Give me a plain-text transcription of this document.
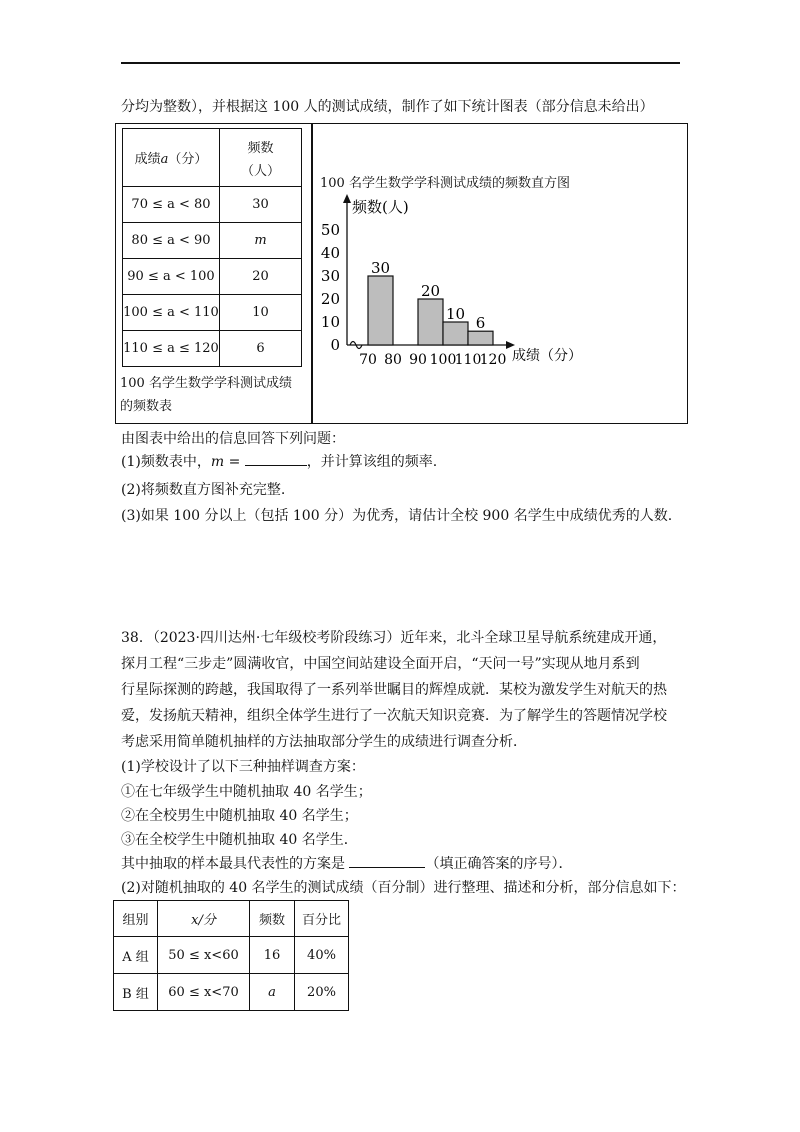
分均为整数），并根据这 100 人的测试成绩，制作了如下统计图表（部分信息未给出）
成绩a（分）	频数
（人）

70 ≤ a < 80	30
80 ≤ a < 90	m
90 ≤ a < 100	20
100 ≤ a < 110	10
110 ≤ a ≤ 120	6
100 名学生数学学科测试成绩
的频数表
100 名学生数学学科测试成绩的频数直方图
频数(人)
成绩（分）
0
10
20
30
40
50
30
20
10
6
70 80 90 100
110
120
由图表中给出的信息回答下列问题：
(1)频数表中，m =	，并计算该组的频率.
(2)将频数直方图补充完整.
(3)如果 100 分以上（包括 100 分）为优秀，请估计全校 900 名学生中成绩优秀的人数.
38．（2023·四川达州·七年级校考阶段练习）近年来，北斗全球卫星导航系统建成开通，
探月工程“三步走”圆满收官，中国空间站建设全面开启，“天问一号”实现从地月系到
行星际探测的跨越，我国取得了一系列举世瞩目的辉煌成就．某校为激发学生对航天的热
爱，发扬航天精神，组织全体学生进行了一次航天知识竞赛．为了解学生的答题情况学校
考虑采用简单随机抽样的方法抽取部分学生的成绩进行调查分析．
(1)学校设计了以下三种抽样调查方案：
①在七年级学生中随机抽取 40 名学生；
②在全校男生中随机抽取 40 名学生；
③在全校学生中随机抽取 40 名学生．
其中抽取的样本最具代表性的方案是	（填正确答案的序号）．
(2)对随机抽取的 40 名学生的测试成绩（百分制）进行整理、描述和分析，部分信息如下：
组别	x/分	频数	百分比
A 组	50 ≤ x<60	16	40%
B 组	60 ≤ x<70	a	20%
